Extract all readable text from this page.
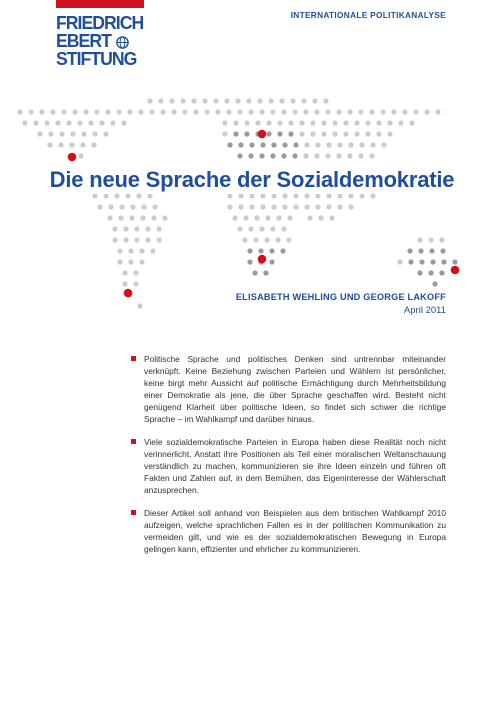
FRIEDRICH
EBERT
STIFTUNG
INTERNATIONALE POLITIKANALYSE
Die neue Sprache der Sozialdemokratie
ELISABETH WEHLING UND GEORGE LAKOFF
April 2011
Politische Sprache und politisches Denken sind untrennbar miteinander verknüpft. Keine Beziehung zwischen Parteien und Wählern ist persönlicher, keine birgt mehr Aussicht auf politische Ermächtigung durch Mehrheitsbildung einer Demokratie als jene, die über Sprache geschaffen wird. Besteht nicht genügend Klarheit über politische Ideen, so findet sich schwer die richtige Sprache – im Wahlkampf und darüber hinaus.
Viele sozialdemokratische Parteien in Europa haben diese Realität noch nicht verinnerlicht. Anstatt ihre Positionen als Teil einer moralischen Weltanschauung verständlich zu machen, kommunizieren sie ihre Ideen einzeln und führen oft Fakten und Zahlen auf, in dem Bemühen, das Eigeninteresse der Wählerschaft anzusprechen.
Dieser Artikel soll anhand von Beispielen aus dem britischen Wahlkampf 2010 aufzeigen, welche sprachlichen Fallen es in der politischen Kommunikation zu vermeiden gilt, und wie es der sozialdemokratischen Bewegung in Europa gelingen kann, effizienter und ehrlicher zu kommunizieren.
